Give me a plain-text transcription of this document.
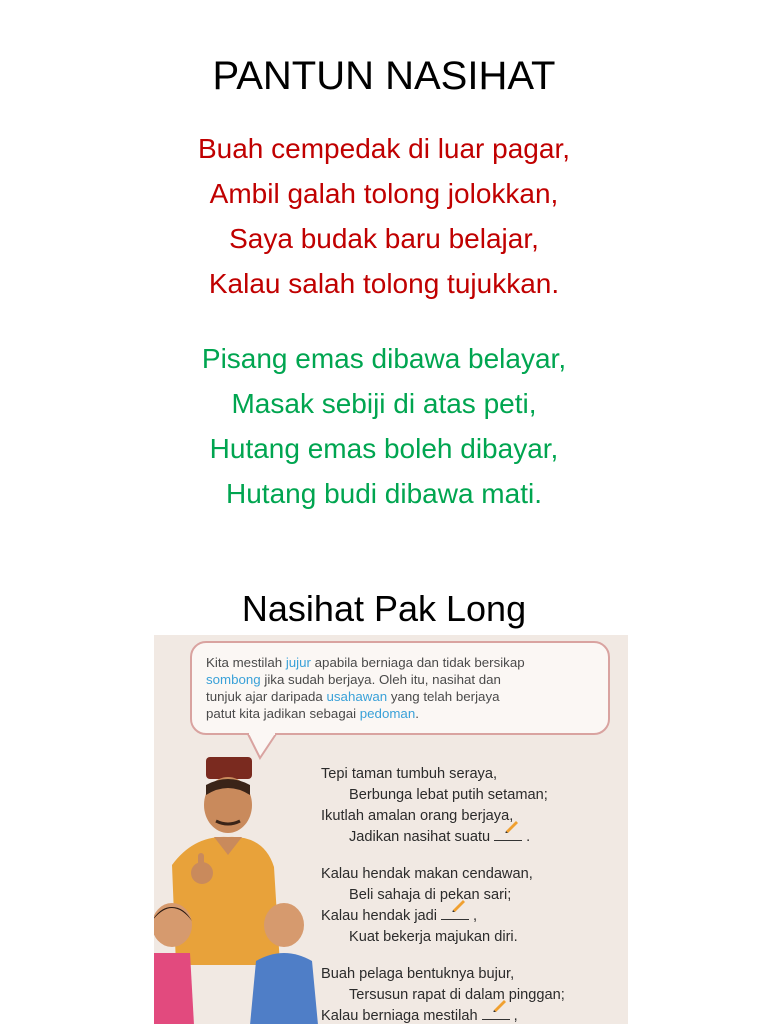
PANTUN NASIHAT
Buah cempedak di luar pagar,
Ambil galah tolong jolokkan,
Saya budak baru belajar,
Kalau salah tolong tujukkan.
Pisang emas dibawa belayar,
Masak sebiji di atas peti,
Hutang emas boleh dibayar,
Hutang budi dibawa mati.
Nasihat Pak Long
Kita mestilah jujur apabila berniaga dan tidak bersikap
sombong jika sudah berjaya. Oleh itu, nasihat dan
tunjuk ajar daripada usahawan yang telah berjaya
patut kita jadikan sebagai pedoman.
Tepi taman tumbuh seraya,
Berbunga lebat putih setaman;
Ikutlah amalan orang berjaya,
Jadikan nasihat suatu .
Kalau hendak makan cendawan,
Beli sahaja di pekan sari;
Kalau hendak jadi ,
Kuat bekerja majukan diri.
Buah pelaga bentuknya bujur,
Tersusun rapat di dalam pinggan;
Kalau berniaga mestilah ,
